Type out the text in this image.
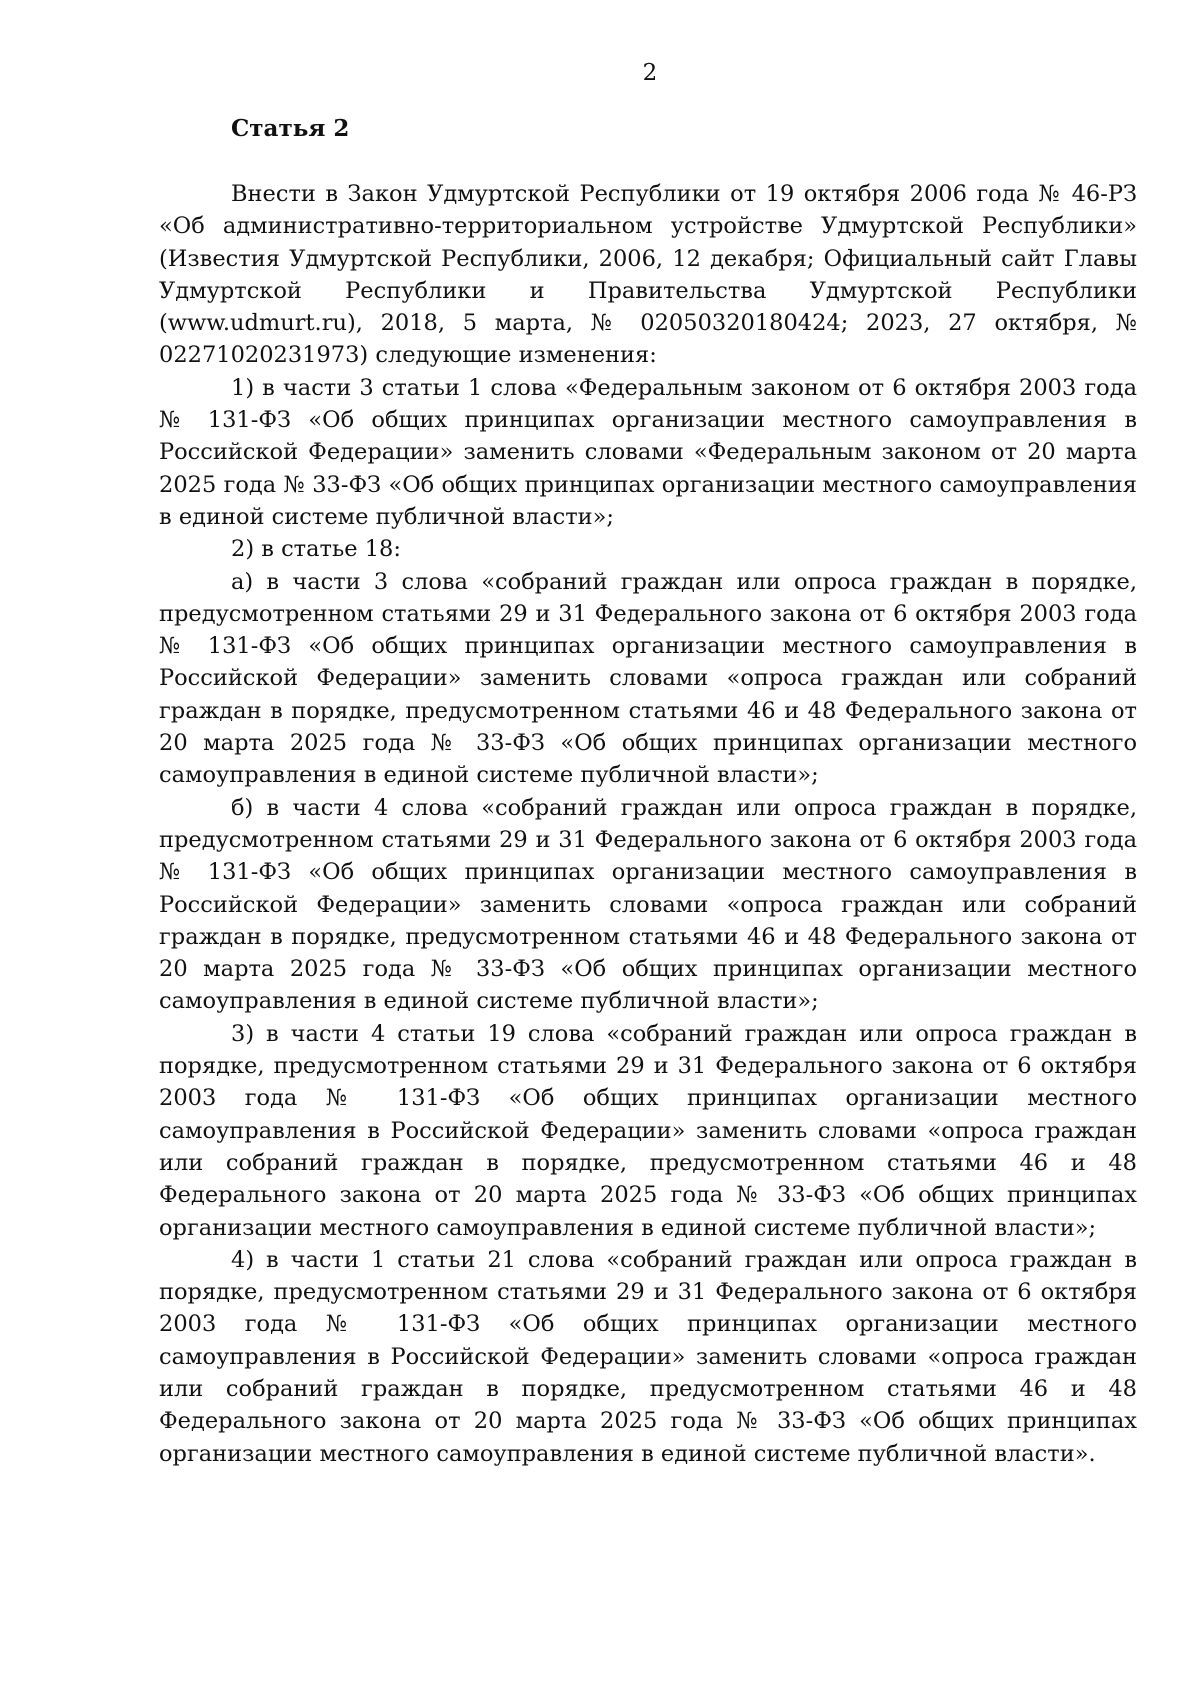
2
Статья 2

Внести в Закон Удмуртской Республики от 19 октября 2006 года № 46-РЗ «Об административно-территориальном устройстве Удмуртской Республики» (Известия Удмуртской Республики, 2006, 12 декабря; Официальный сайт Главы Удмуртской Республики и Правительства Удмуртской Республики (www.udmurt.ru), 2018, 5 марта, № 02050320180424; 2023, 27 октября, № 02271020231973) следующие изменения:

1) в части 3 статьи 1 слова «Федеральным законом от 6 октября 2003 года № 131-ФЗ «Об общих принципах организации местного самоуправления в Российской Федерации» заменить словами «Федеральным законом от 20 марта 2025 года № 33-ФЗ «Об общих принципах организации местного самоуправления в единой системе публичной власти»;

2) в статье 18:

а) в части 3 слова «собраний граждан или опроса граждан в порядке, предусмотренном статьями 29 и 31 Федерального закона от 6 октября 2003 года № 131-ФЗ «Об общих принципах организации местного самоуправления в Российской Федерации» заменить словами «опроса граждан или собраний граждан в порядке, предусмотренном статьями 46 и 48 Федерального закона от 20 марта 2025 года № 33-ФЗ «Об общих принципах организации местного самоуправления в единой системе публичной власти»;

б) в части 4 слова «собраний граждан или опроса граждан в порядке, предусмотренном статьями 29 и 31 Федерального закона от 6 октября 2003 года № 131-ФЗ «Об общих принципах организации местного самоуправления в Российской Федерации» заменить словами «опроса граждан или собраний граждан в порядке, предусмотренном статьями 46 и 48 Федерального закона от 20 марта 2025 года № 33-ФЗ «Об общих принципах организации местного самоуправления в единой системе публичной власти»;

3) в части 4 статьи 19 слова «собраний граждан или опроса граждан в порядке, предусмотренном статьями 29 и 31 Федерального закона от 6 октября 2003 года № 131-ФЗ «Об общих принципах организации местного самоуправления в Российской Федерации» заменить словами «опроса граждан или собраний граждан в порядке, предусмотренном статьями 46 и 48 Федерального закона от 20 марта 2025 года № 33-ФЗ «Об общих принципах организации местного самоуправления в единой системе публичной власти»;

4) в части 1 статьи 21 слова «собраний граждан или опроса граждан в порядке, предусмотренном статьями 29 и 31 Федерального закона от 6 октября 2003 года № 131-ФЗ «Об общих принципах организации местного самоуправления в Российской Федерации» заменить словами «опроса граждан или собраний граждан в порядке, предусмотренном статьями 46 и 48 Федерального закона от 20 марта 2025 года № 33-ФЗ «Об общих принципах организации местного самоуправления в единой системе публичной власти».
